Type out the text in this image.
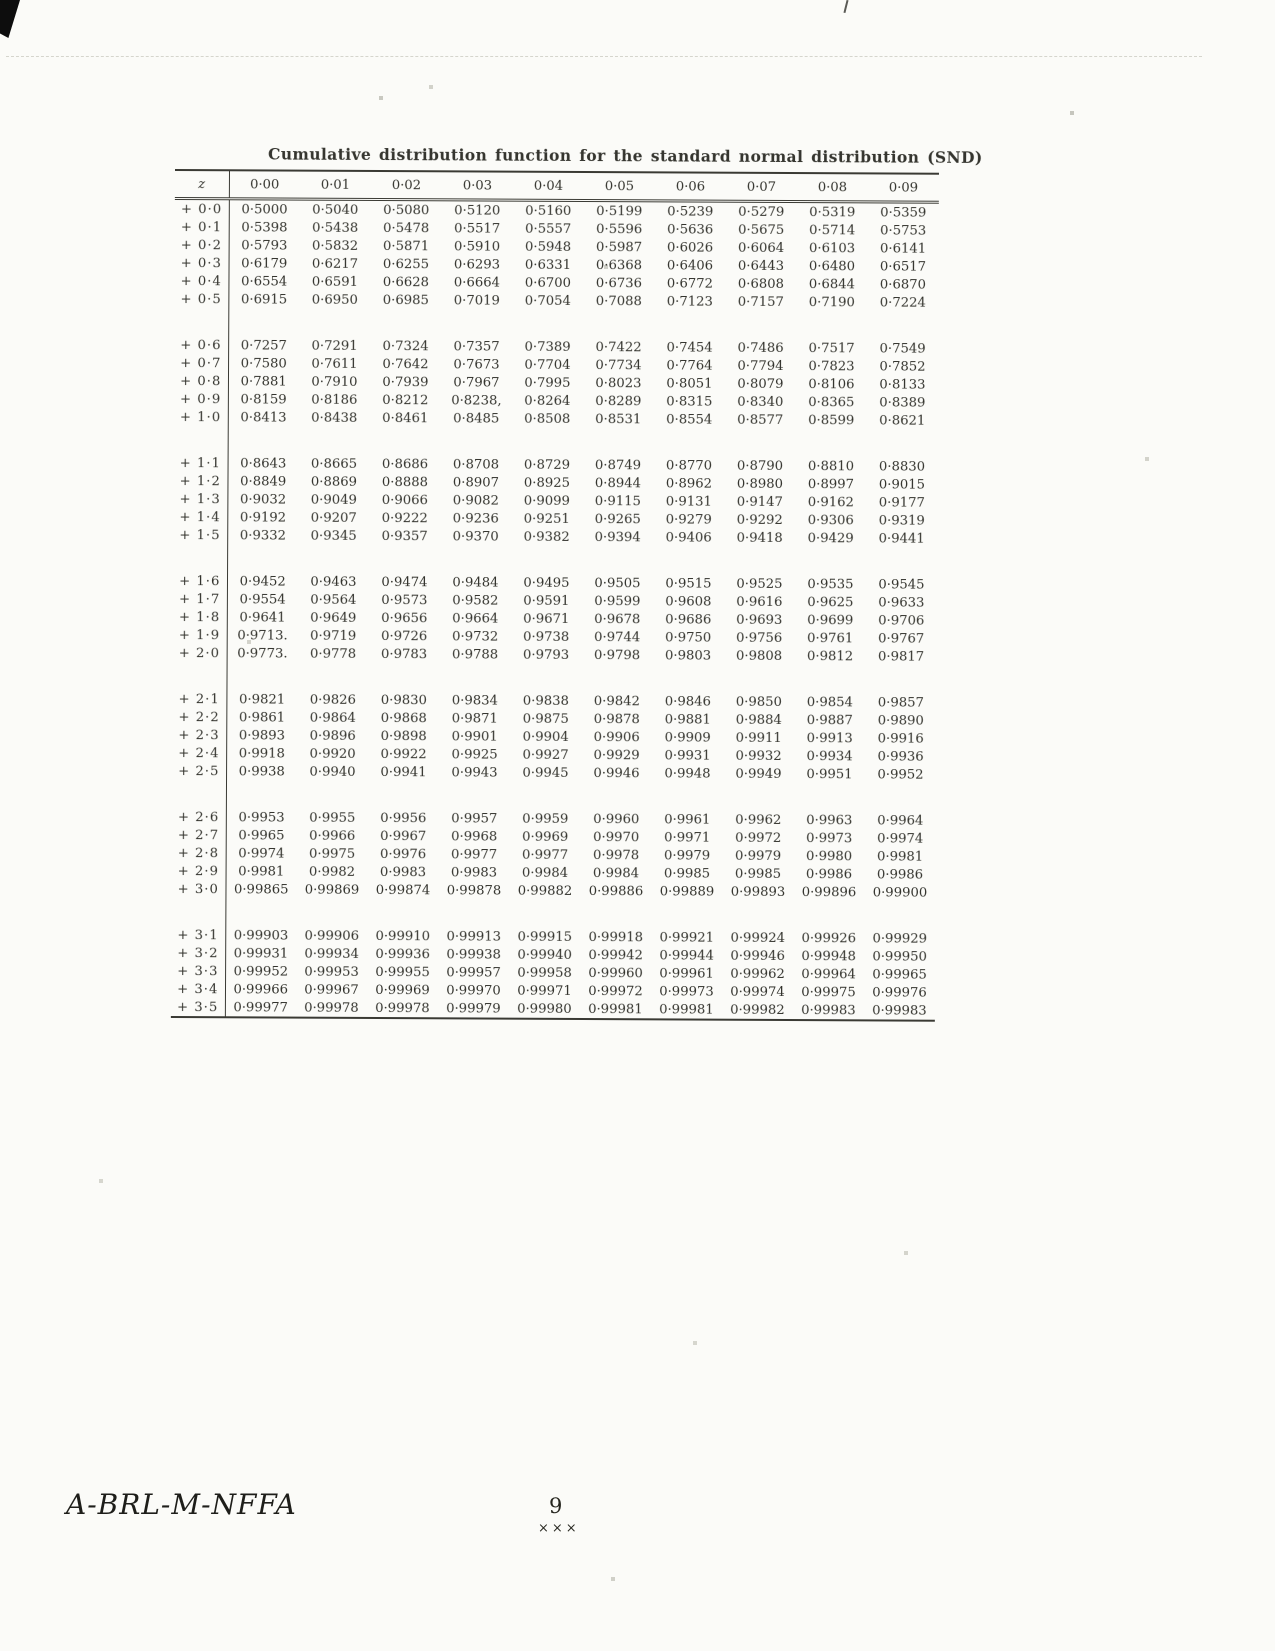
Cumulative distribution function for the standard normal distribution (SND)
z	0·00	0·01	0·02	0·03	0·04	0·05	0·06	0·07	0·08	0·09
+ 0·0	0·5000	0·5040	0·5080	0·5120	0·5160	0·5199	0·5239	0·5279	0·5319	0·5359
+ 0·1	0·5398	0·5438	0·5478	0·5517	0·5557	0·5596	0·5636	0·5675	0·5714	0·5753
+ 0·2	0·5793	0·5832	0·5871	0·5910	0·5948	0·5987	0·6026	0·6064	0·6103	0·6141
+ 0·3	0·6179	0·6217	0·6255	0·6293	0·6331	0·6368	0·6406	0·6443	0·6480	0·6517
+ 0·4	0·6554	0·6591	0·6628	0·6664	0·6700	0·6736	0·6772	0·6808	0·6844	0·6870
+ 0·5	0·6915	0·6950	0·6985	0·7019	0·7054	0·7088	0·7123	0·7157	0·7190	0·7224

+ 0·6	0·7257	0·7291	0·7324	0·7357	0·7389	0·7422	0·7454	0·7486	0·7517	0·7549
+ 0·7	0·7580	0·7611	0·7642	0·7673	0·7704	0·7734	0·7764	0·7794	0·7823	0·7852
+ 0·8	0·7881	0·7910	0·7939	0·7967	0·7995	0·8023	0·8051	0·8079	0·8106	0·8133
+ 0·9	0·8159	0·8186	0·8212	0·8238,	0·8264	0·8289	0·8315	0·8340	0·8365	0·8389
+ 1·0	0·8413	0·8438	0·8461	0·8485	0·8508	0·8531	0·8554	0·8577	0·8599	0·8621

+ 1·1	0·8643	0·8665	0·8686	0·8708	0·8729	0·8749	0·8770	0·8790	0·8810	0·8830
+ 1·2	0·8849	0·8869	0·8888	0·8907	0·8925	0·8944	0·8962	0·8980	0·8997	0·9015
+ 1·3	0·9032	0·9049	0·9066	0·9082	0·9099	0·9115	0·9131	0·9147	0·9162	0·9177
+ 1·4	0·9192	0·9207	0·9222	0·9236	0·9251	0·9265	0·9279	0·9292	0·9306	0·9319
+ 1·5	0·9332	0·9345	0·9357	0·9370	0·9382	0·9394	0·9406	0·9418	0·9429	0·9441

+ 1·6	0·9452	0·9463	0·9474	0·9484	0·9495	0·9505	0·9515	0·9525	0·9535	0·9545
+ 1·7	0·9554	0·9564	0·9573	0·9582	0·9591	0·9599	0·9608	0·9616	0·9625	0·9633
+ 1·8	0·9641	0·9649	0·9656	0·9664	0·9671	0·9678	0·9686	0·9693	0·9699	0·9706
+ 1·9	0·9713.	0·9719	0·9726	0·9732	0·9738	0·9744	0·9750	0·9756	0·9761	0·9767
+ 2·0	0·9773.	0·9778	0·9783	0·9788	0·9793	0·9798	0·9803	0·9808	0·9812	0·9817

+ 2·1	0·9821	0·9826	0·9830	0·9834	0·9838	0·9842	0·9846	0·9850	0·9854	0·9857
+ 2·2	0·9861	0·9864	0·9868	0·9871	0·9875	0·9878	0·9881	0·9884	0·9887	0·9890
+ 2·3	0·9893	0·9896	0·9898	0·9901	0·9904	0·9906	0·9909	0·9911	0·9913	0·9916
+ 2·4	0·9918	0·9920	0·9922	0·9925	0·9927	0·9929	0·9931	0·9932	0·9934	0·9936
+ 2·5	0·9938	0·9940	0·9941	0·9943	0·9945	0·9946	0·9948	0·9949	0·9951	0·9952

+ 2·6	0·9953	0·9955	0·9956	0·9957	0·9959	0·9960	0·9961	0·9962	0·9963	0·9964
+ 2·7	0·9965	0·9966	0·9967	0·9968	0·9969	0·9970	0·9971	0·9972	0·9973	0·9974
+ 2·8	0·9974	0·9975	0·9976	0·9977	0·9977	0·9978	0·9979	0·9979	0·9980	0·9981
+ 2·9	0·9981	0·9982	0·9983	0·9983	0·9984	0·9984	0·9985	0·9985	0·9986	0·9986
+ 3·0	0·99865	0·99869	0·99874	0·99878	0·99882	0·99886	0·99889	0·99893	0·99896	0·99900

+ 3·1	0·99903	0·99906	0·99910	0·99913	0·99915	0·99918	0·99921	0·99924	0·99926	0·99929
+ 3·2	0·99931	0·99934	0·99936	0·99938	0·99940	0·99942	0·99944	0·99946	0·99948	0·99950
+ 3·3	0·99952	0·99953	0·99955	0·99957	0·99958	0·99960	0·99961	0·99962	0·99964	0·99965
+ 3·4	0·99966	0·99967	0·99969	0·99970	0·99971	0·99972	0·99973	0·99974	0·99975	0·99976
+ 3·5	0·99977	0·99978	0·99978	0·99979	0·99980	0·99981	0·99981	0·99982	0·99983	0·99983
A-BRL-M-NFFA	9
×××
